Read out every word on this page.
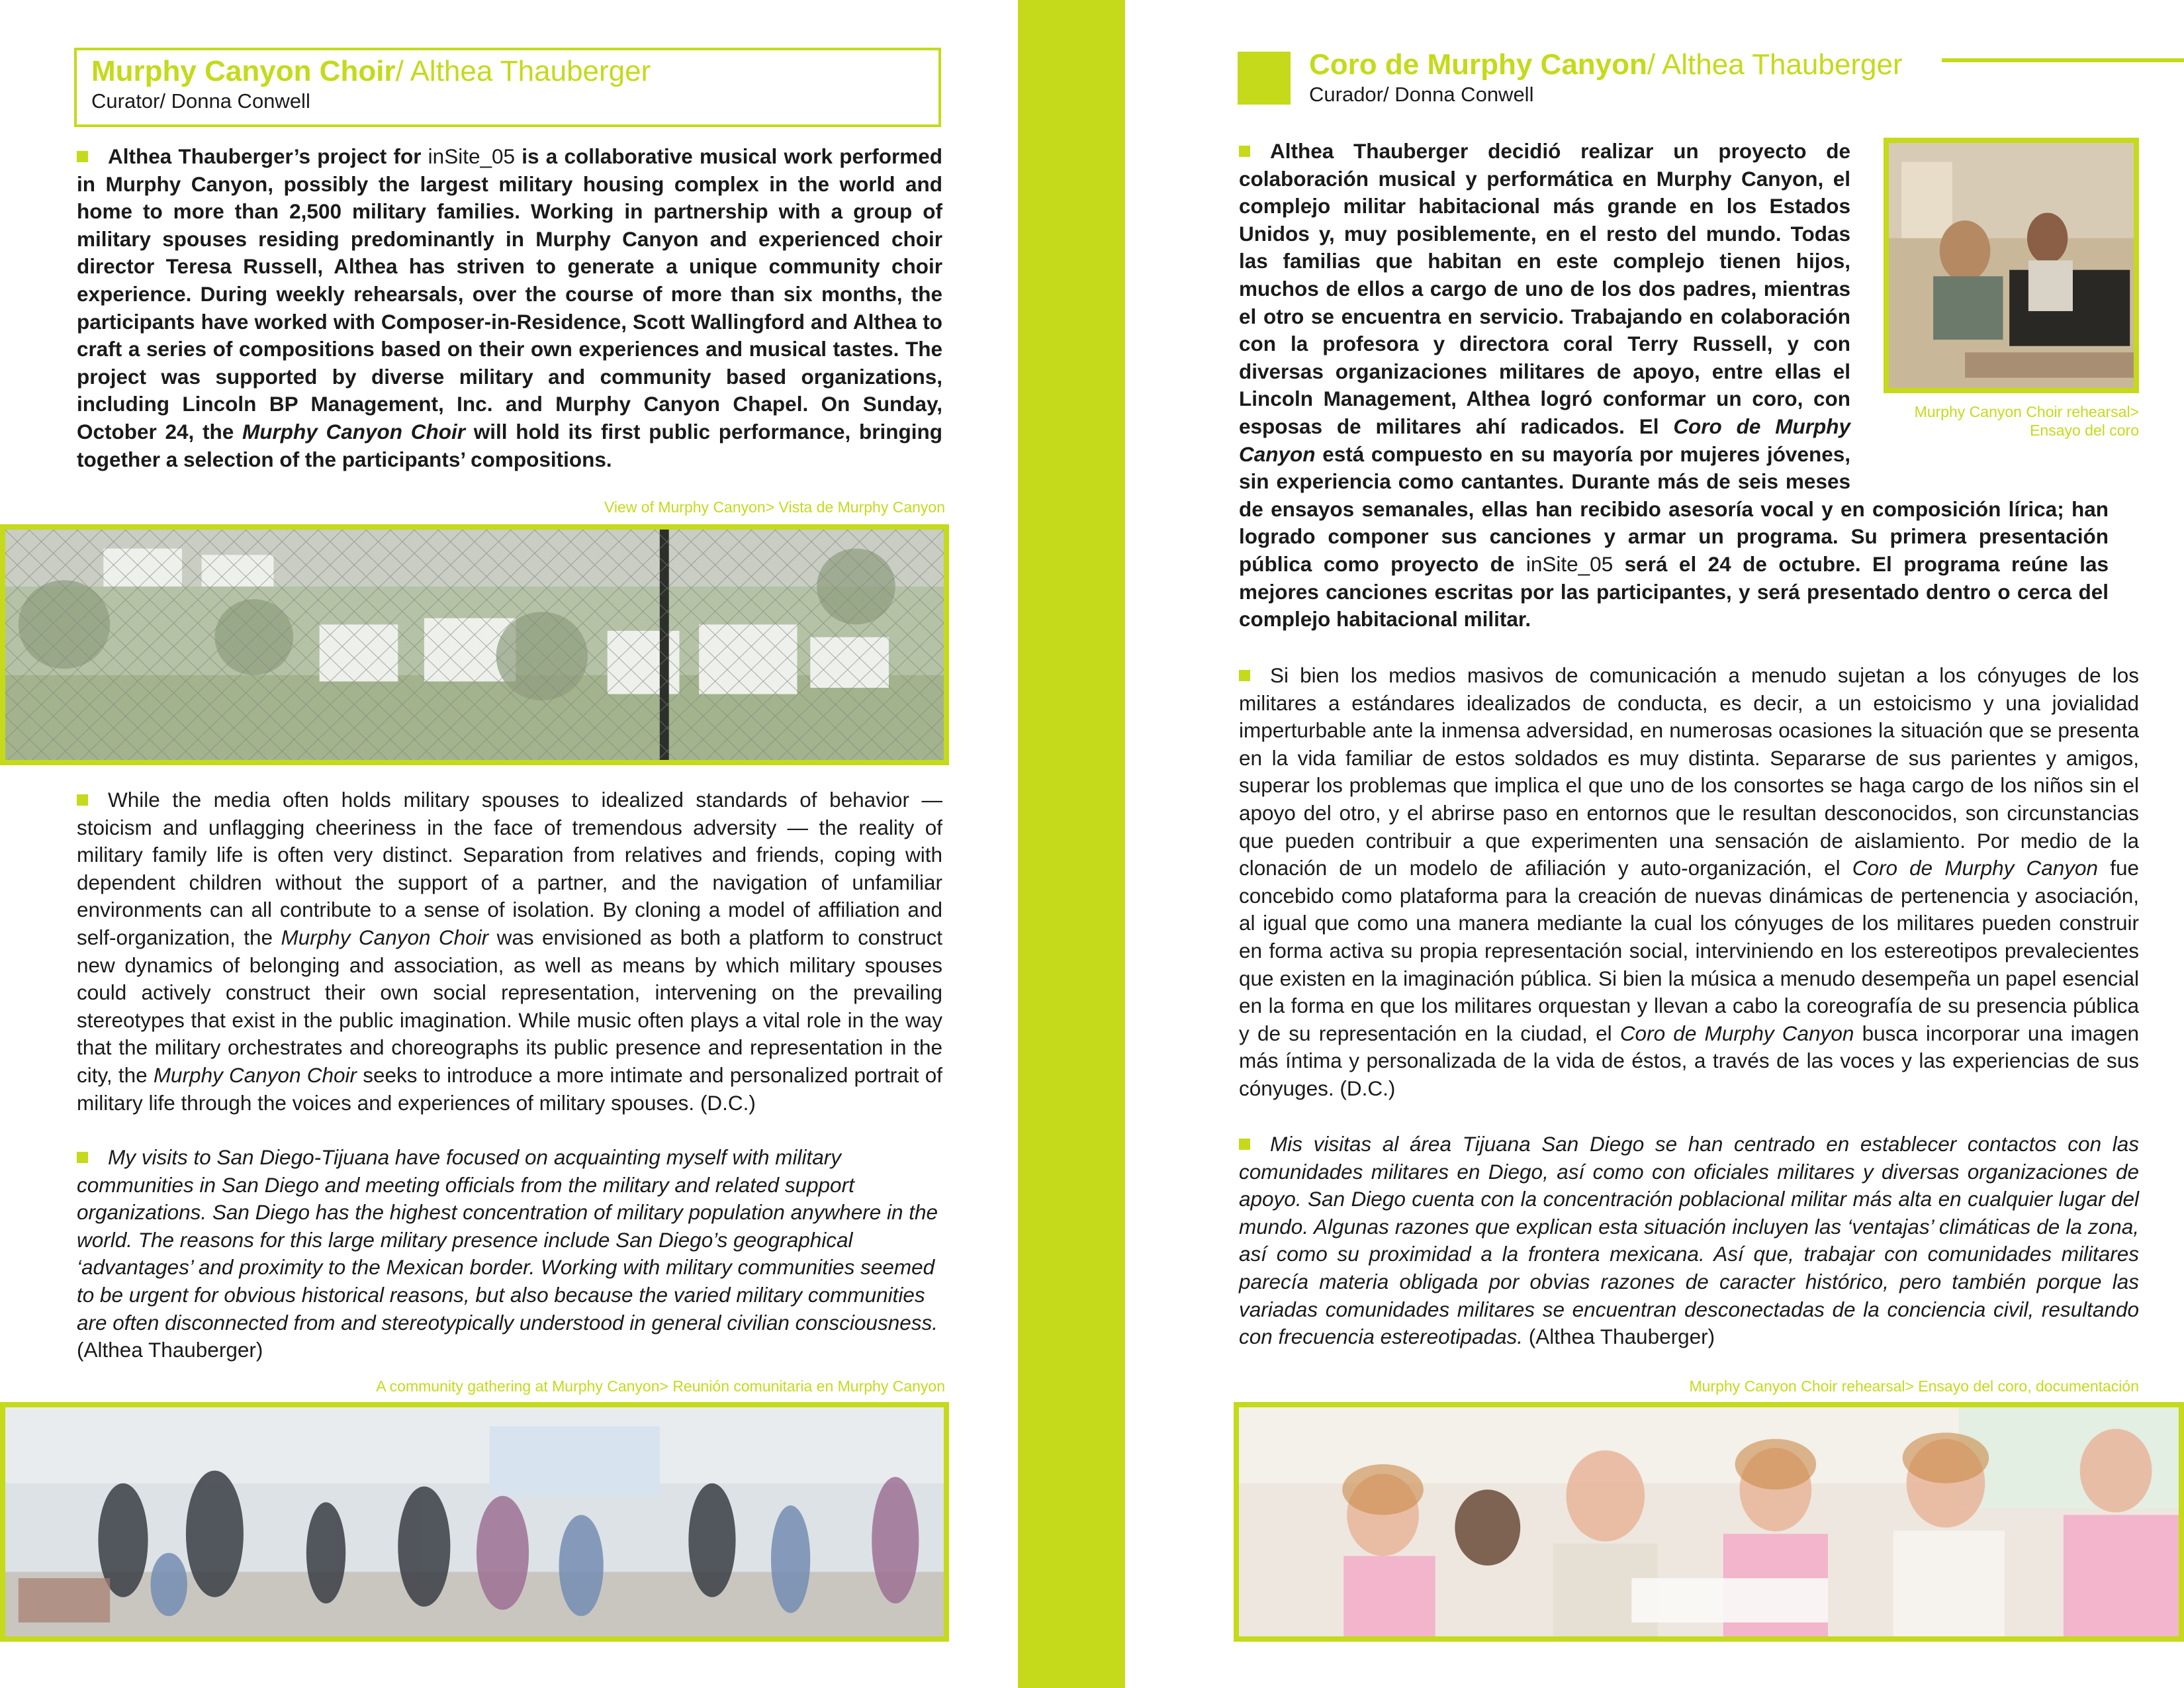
Murphy Canyon Choir/ Althea Thauberger
Curator/ Donna Conwell
Althea Thauberger’s project for inSite_05 is a collaborative musical work performed in Murphy Canyon, possibly the largest military housing complex in the world and home to more than 2,500 military families. Working in partnership with a group of military spouses residing predominantly in Murphy Canyon and experienced choir director Teresa Russell, Althea has striven to generate a unique community choir experience. During weekly rehearsals, over the course of more than six months, the participants have worked with Composer-in-Residence, Scott Wallingford and Althea to craft a series of compositions based on their own experiences and musical tastes. The project was supported by diverse military and community based organizations, including Lincoln BP Management, Inc. and Murphy Canyon Chapel. On Sunday, October 24, the Murphy Canyon Choir will hold its first public performance, bringing together a selection of the participants’ compositions.
View of Murphy Canyon> Vista de Murphy Canyon
While the media often holds military spouses to idealized standards of behavior — stoicism and unflagging cheeriness in the face of tremendous adversity — the reality of military family life is often very distinct. Separation from relatives and friends, coping with dependent children without the support of a partner, and the navigation of unfamiliar environments can all contribute to a sense of isolation. By cloning a model of affiliation and self-organization, the Murphy Canyon Choir was envisioned as both a platform to construct new dynamics of belonging and association, as well as means by which military spouses could actively construct their own social representation, intervening on the prevailing stereotypes that exist in the public imagination. While music often plays a vital role in the way that the military orchestrates and choreographs its public presence and representation in the city, the Murphy Canyon Choir seeks to introduce a more intimate and personalized portrait of military life through the voices and experiences of military spouses. (D.C.)
My visits to San Diego-Tijuana have focused on acquainting myself with military communities in San Diego and meeting officials from the military and related support organizations. San Diego has the highest concentration of military population anywhere in the world. The reasons for this large military presence include San Diego’s geographical ‘advantages’ and proximity to the Mexican border. Working with military communities seemed to be urgent for obvious historical reasons, but also because the varied military communities are often disconnected from and stereotypically understood in general civilian consciousness. (Althea Thauberger)
A community gathering at Murphy Canyon> Reunión comunitaria en Murphy Canyon
Coro de Murphy Canyon/ Althea Thauberger
Curador/ Donna Conwell
Murphy Canyon Choir rehearsal>
Ensayo del coro
Althea Thauberger decidió realizar un proyecto de colaboración musical y performática en Murphy Canyon, el complejo militar habitacional más grande en los Estados Unidos y, muy posiblemente, en el resto del mundo. Todas las familias que habitan en este complejo tienen hijos, muchos de ellos a cargo de uno de los dos padres, mientras el otro se encuentra en servicio. Trabajando en colaboración con la profesora y directora coral Terry Russell, y con diversas organizaciones militares de apoyo, entre ellas el Lincoln Management, Althea logró conformar un coro, con esposas de militares ahí radicados. El Coro de Murphy Canyon está compuesto en su mayoría por mujeres jóvenes, sin experiencia como cantantes. Durante más de seis meses de ensayos semanales, ellas han recibido asesoría vocal y en composición lírica; han logrado componer sus canciones y armar un programa. Su primera presentación pública como proyecto de inSite_05 será el 24 de octubre. El programa reúne las mejores canciones escritas por las participantes, y será presentado dentro o cerca del complejo habitacional militar.
Si bien los medios masivos de comunicación a menudo sujetan a los cónyuges de los militares a estándares idealizados de conducta, es decir, a un estoicismo y una jovialidad imperturbable ante la inmensa adversidad, en numerosas ocasiones la situación que se presenta en la vida familiar de estos soldados es muy distinta. Separarse de sus parientes y amigos, superar los problemas que implica el que uno de los consortes se haga cargo de los niños sin el apoyo del otro, y el abrirse paso en entornos que le resultan desconocidos, son circunstancias que pueden contribuir a que experimenten una sensación de aislamiento. Por medio de la clonación de un modelo de afiliación y auto-organización, el Coro de Murphy Canyon fue concebido como plataforma para la creación de nuevas dinámicas de pertenencia y asociación, al igual que como una manera mediante la cual los cónyuges de los militares pueden construir en forma activa su propia representación social, interviniendo en los estereotipos prevalecientes que existen en la imaginación pública. Si bien la música a menudo desempeña un papel esencial en la forma en que los militares orquestan y llevan a cabo la coreografía de su presencia pública y de su representación en la ciudad, el Coro de Murphy Canyon busca incorporar una imagen más íntima y personalizada de la vida de éstos, a través de las voces y las experiencias de sus cónyuges. (D.C.)
Mis visitas al área Tijuana San Diego se han centrado en establecer contactos con las comunidades militares en Diego, así como con oficiales militares y diversas organizaciones de apoyo. San Diego cuenta con la concentración poblacional militar más alta en cualquier lugar del mundo. Algunas razones que explican esta situación incluyen las ‘ventajas’ climáticas de la zona, así como su proximidad a la frontera mexicana. Así que, trabajar con comunidades militares parecía materia obligada por obvias razones de caracter histórico, pero también porque las variadas comunidades militares se encuentran desconectadas de la conciencia civil, resultando con frecuencia estereotipadas. (Althea Thauberger)
Murphy Canyon Choir rehearsal> Ensayo del coro, documentación
